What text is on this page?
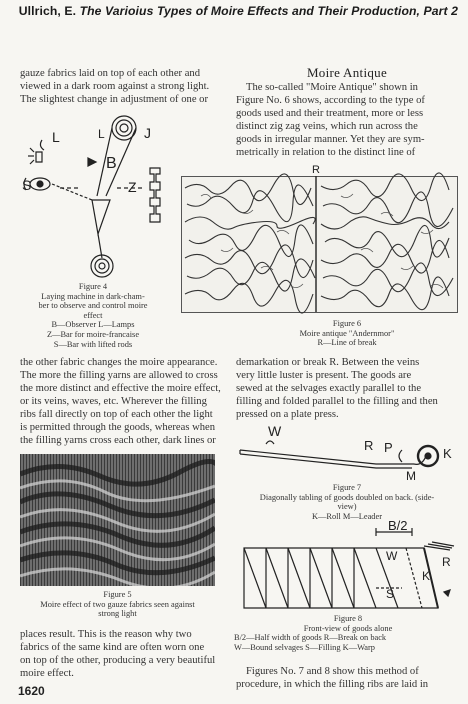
Ullrich, E. The Varioius Types of Moire Effects and Their Production, Part 2

gauze fabrics laid on top of each other and

viewed in a dark room against a strong light.

The slightest change in adjustment of one or

L	L	J
B
S	Z
Figure 4
Laying machine in dark-cham-
ber to observe and control moire
effect
B—Observer L—Lamps
Z—Bar for moire-francaise
S—Bar with lifted rods

the other fabric changes the moire appearance.

The more the filling yarns are allowed to cross

the more distinct and effective the moire effect,

or its veins, waves, etc. Wherever the filling

ribs fall directly on top of each other the light

is permitted through the goods, whereas when

the filling yarns cross each other, dark lines or

Figure 5
Moire effect of two gauze fabrics seen against
strong light

places result. This is the reason why two

fabrics of the same kind are often worn one

on top of the other, producing a very beautiful

moire effect.

1620
Moire Antique

The so-called "Moire Antique" shown in

Figure No. 6 shows, according to the type of

goods used and their treatment, more or less

distinct zig zag veins, which run across the

goods in irregular manner. Yet they are sym-

metrically in relation to the distinct line of

R
Figure 6
Moire antique "Andernmor"
R—Line of break

demarkation or break R. Between the veins

very little luster is present. The goods are

sewed at the selvages exactly parallel to the

filling and folded parallel to the filling and then

pressed on a plate press.

W
R P	K
M
Figure 7
Diagonally tabling of goods doubled on back. (side-
view)
K—Roll M—Leader
B/2
W	R
K
S
Figure 8
Front-view of goods alone
B/2—Half width of goods R—Break on back
W—Bound selvages S—Filling K—Warp

Figures No. 7 and 8 show this method of

procedure, in which the filling ribs are laid in
